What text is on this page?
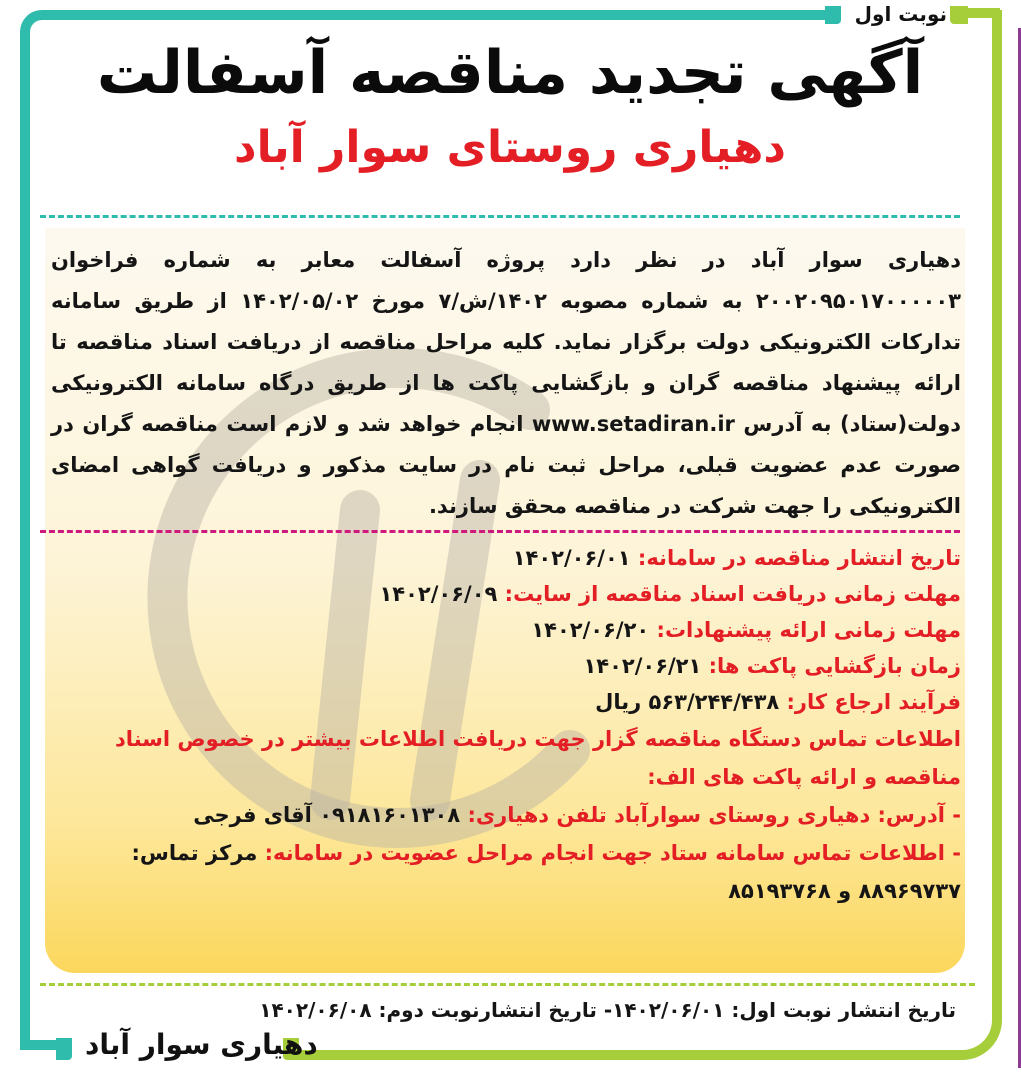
نوبت اول
آگهی تجدید مناقصه آسفالت
دهیاری روستای سوار آباد
دهیاری سوار آباد در نظر دارد پروژه آسفالت معابر به شماره فراخوان ۲۰۰۲۰۹۵۰۱۷۰۰۰۰۰۳ به شماره مصوبه ۱۴۰۲/ش/۷ مورخ ۱۴۰۲/۰۵/۰۲ از طریق سامانه تدارکات الکترونیکی دولت برگزار نماید. کلیه مراحل مناقصه از دریافت اسناد مناقصه تا ارائه پیشنهاد مناقصه گران و بازگشایی پاکت ها از طریق درگاه سامانه الکترونیکی دولت(ستاد) به آدرس www.setadiran.ir انجام خواهد شد و لازم است مناقصه گران در صورت عدم عضویت قبلی، مراحل ثبت نام در سایت مذکور و دریافت گواهی امضای الکترونیکی را جهت شرکت در مناقصه محقق سازند.
تاریخ انتشار مناقصه در سامانه: ۱۴۰۲/۰۶/۰۱
مهلت زمانی دریافت اسناد مناقصه از سایت: ۱۴۰۲/۰۶/۰۹
مهلت زمانی ارائه پیشنهادات: ۱۴۰۲/۰۶/۲۰
زمان بازگشایی پاکت ها: ۱۴۰۲/۰۶/۲۱
فرآیند ارجاع کار: ۵۶۳/۲۴۴/۴۳۸ ریال
اطلاعات تماس دستگاه مناقصه گزار جهت دریافت اطلاعات بیشتر در خصوص اسناد مناقصه و ارائه پاکت های الف:
- آدرس: دهیاری روستای سوارآباد تلفن دهیاری: ۰۹۱۸۱۶۰۱۳۰۸ آقای فرجی
- اطلاعات تماس سامانه ستاد جهت انجام مراحل عضویت در سامانه: مرکز تماس: ۸۸۹۶۹۷۳۷ و ۸۵۱۹۳۷۶۸
تاریخ انتشار نوبت اول: ۱۴۰۲/۰۶/۰۱- تاریخ انتشارنوبت دوم: ۱۴۰۲/۰۶/۰۸
دهیاری سوار آباد
